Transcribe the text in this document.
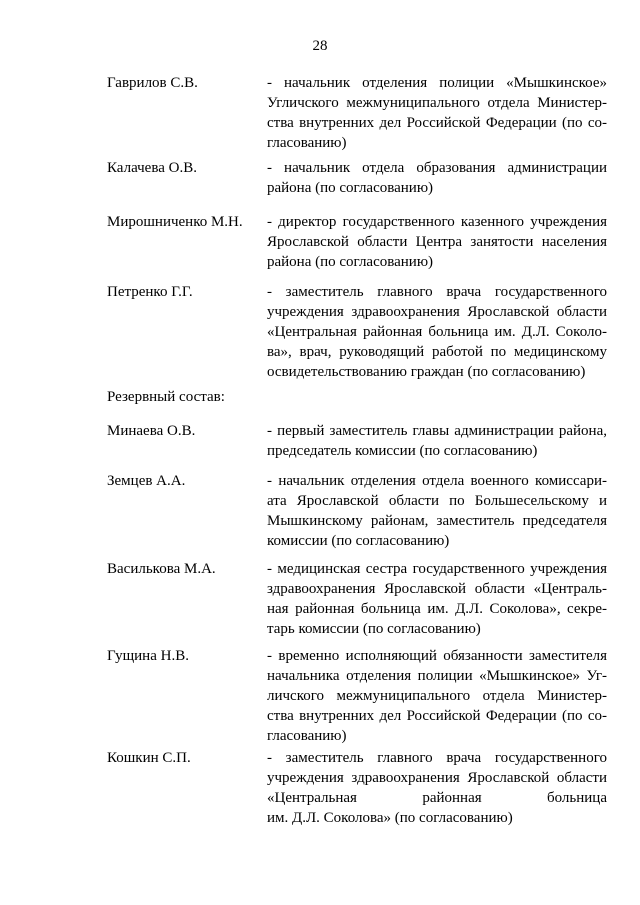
28
Гаврилов С.В.	- начальник отделения полиции «Мышкинское»
Угличского межмуниципального отдела Министер-
ства внутренних дел Российской Федерации (по со-
гласованию)
Калачева О.В.	- начальник отдела образования администрации
района (по согласованию)
Мирошниченко М.Н.	- директор государственного казенного учреждения
Ярославской области Центра занятости населения
района (по согласованию)
Петренко Г.Г.	- заместитель главного врача государственного
учреждения здравоохранения Ярославской области
«Центральная районная больница им. Д.Л. Соколо-
ва», врач, руководящий работой по медицинскому
освидетельствованию граждан (по согласованию)
Резервный состав:
Минаева О.В.	- первый заместитель главы администрации района,
председатель комиссии (по согласованию)
Земцев А.А.	- начальник отделения отдела военного комиссари-
ата Ярославской области по Большесельскому и
Мышкинскому районам, заместитель председателя
комиссии (по согласованию)
Василькова М.А.	- медицинская сестра государственного учреждения
здравоохранения Ярославской области «Централь-
ная районная больница им. Д.Л. Соколова», секре-
тарь комиссии (по согласованию)
Гущина Н.В.	- временно исполняющий обязанности заместителя
начальника отделения полиции «Мышкинское» Уг-
личского межмуниципального отдела Министер-
ства внутренних дел Российской Федерации (по со-
гласованию)
Кошкин С.П.	- заместитель главного врача государственного
учреждения здравоохранения Ярославской области
«Центральная районная больница
им. Д.Л. Соколова» (по согласованию)
